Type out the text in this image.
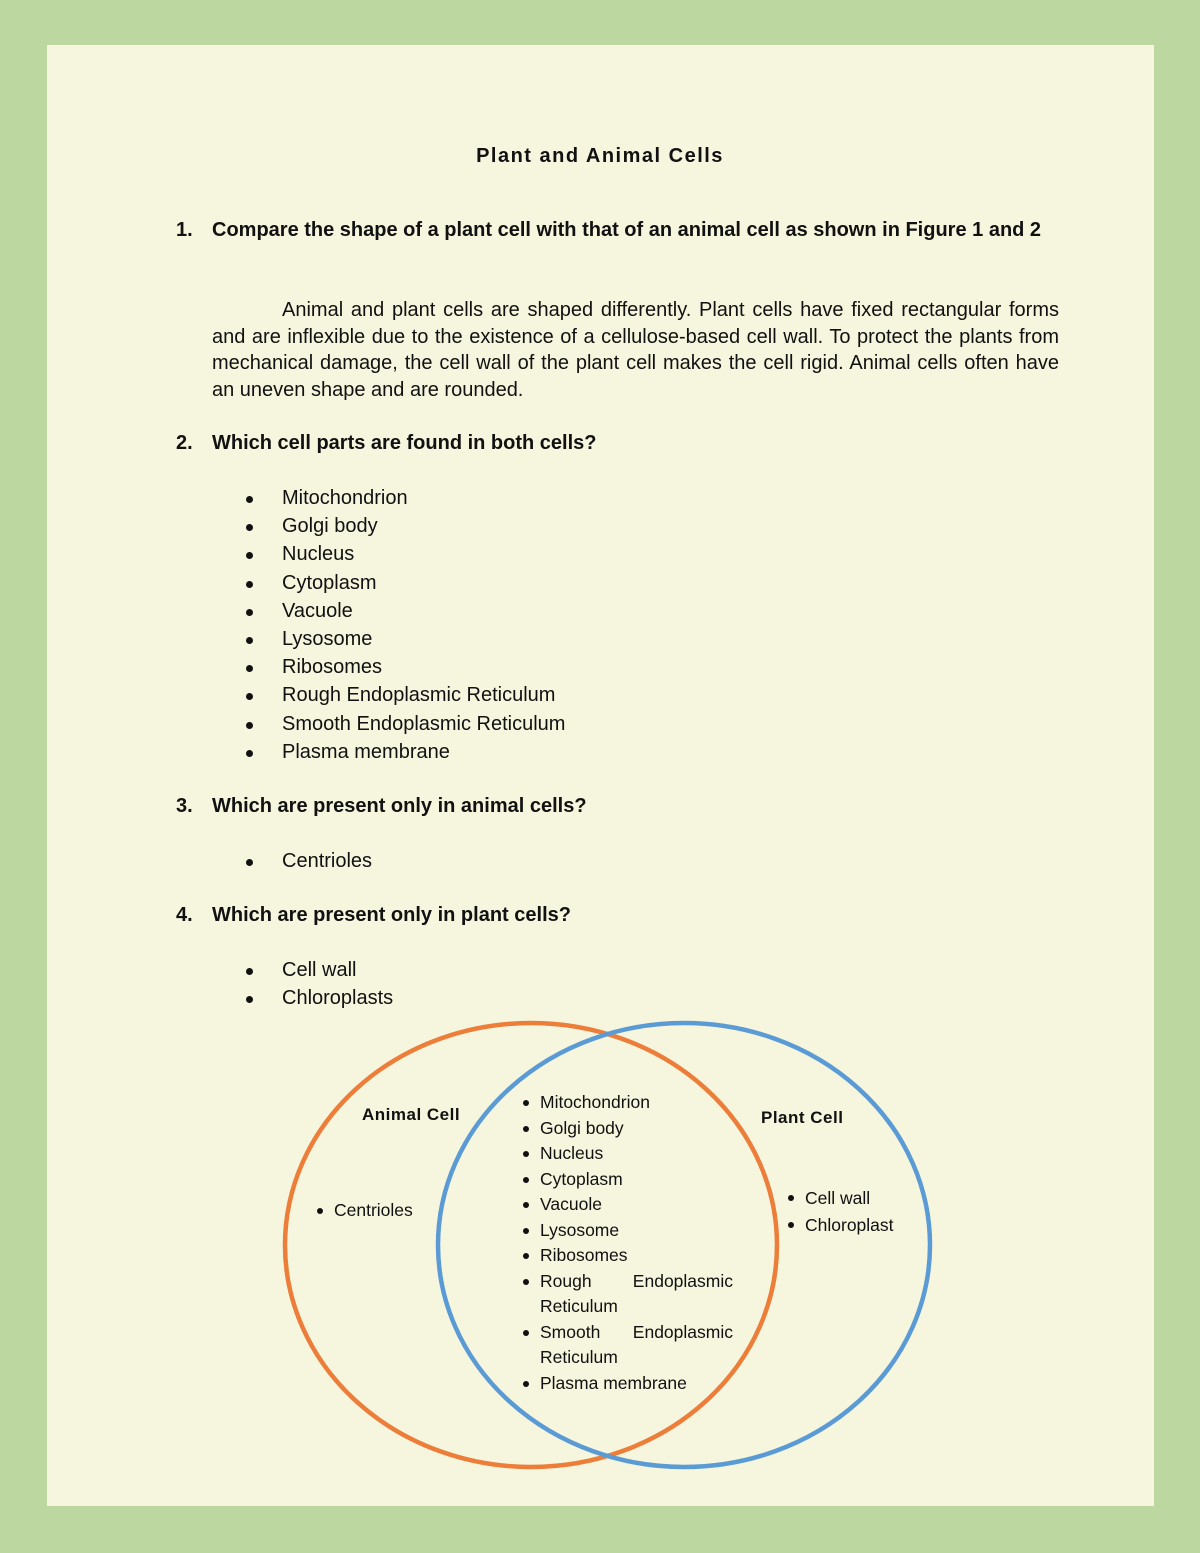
Plant and Animal Cells
1. Compare the shape of a plant cell with that of an animal cell as shown in Figure 1 and 2
Animal and plant cells are shaped differently. Plant cells have fixed rectangular forms and are inflexible due to the existence of a cellulose-based cell wall. To protect the plants from mechanical damage, the cell wall of the plant cell makes the cell rigid. Animal cells often have an uneven shape and are rounded.
2. Which cell parts are found in both cells?
Mitochondrion
Golgi body
Nucleus
Cytoplasm
Vacuole
Lysosome
Ribosomes
Rough Endoplasmic Reticulum
Smooth Endoplasmic Reticulum
Plasma membrane
3. Which are present only in animal cells?
Centrioles
4. Which are present only in plant cells?
Cell wall
Chloroplasts
Animal Cell	Plant Cell
Centrioles
Mitochondrion
Golgi body
Nucleus
Cytoplasm
Vacuole
Lysosome
Ribosomes
Rough Endoplasmic Reticulum
Smooth Endoplasmic Reticulum
Plasma membrane
Cell wall
Chloroplast
